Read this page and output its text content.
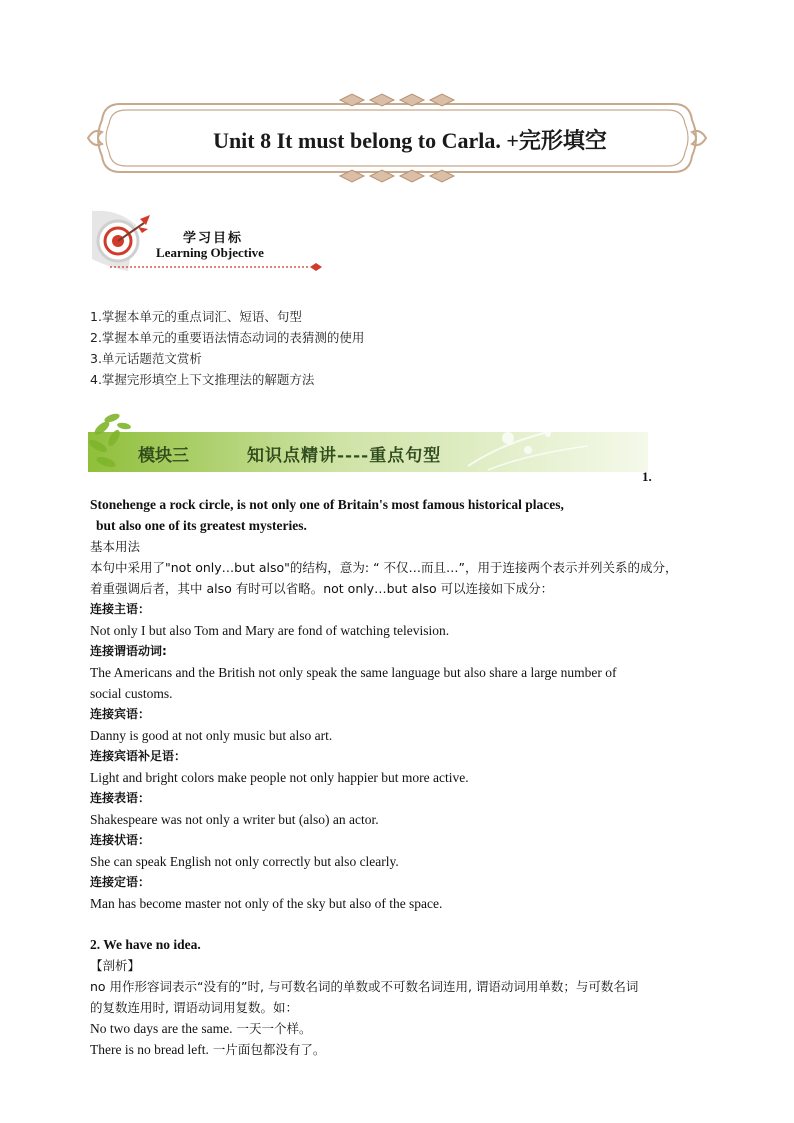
Unit 8 It must belong to Carla. +完形填空
学习目标
Learning Objective
1.掌握本单元的重点词汇、短语、句型
2.掌握本单元的重要语法情态动词的表猜测的使用
3.单元话题范文赏析
4.掌握完形填空上下文推理法的解题方法
模块三	知识点精讲----重点句型
1.
Stonehenge a rock circle, is not only one of Britain's most famous historical places,
but also one of its greatest mysteries.
基本用法
本句中采用了"not only…but also"的结构，意为: “ 不仅…而且…”，用于连接两个表示并列关系的成分，
着重强调后者，其中 also 有时可以省略。not only…but also 可以连接如下成分：
连接主语：
Not only I but also Tom and Mary are fond of watching television.
连接谓语动词:
The Americans and the British not only speak the same language but also share a large number of
social customs.
连接宾语：
Danny is good at not only music but also art.
连接宾语补足语：
Light and bright colors make people not only happier but more active.
连接表语：
Shakespeare was not only a writer but (also) an actor.
连接状语：
She can speak English not only correctly but also clearly.
连接定语：
Man has become master not only of the sky but also of the space.
2. We have no idea.
【剖析】
no 用作形容词表示“没有的”时, 与可数名词的单数或不可数名词连用, 谓语动词用单数；与可数名词
的复数连用时, 谓语动词用复数。如：
No two days are the same. 一天一个样。
There is no bread left. 一片面包都没有了。
